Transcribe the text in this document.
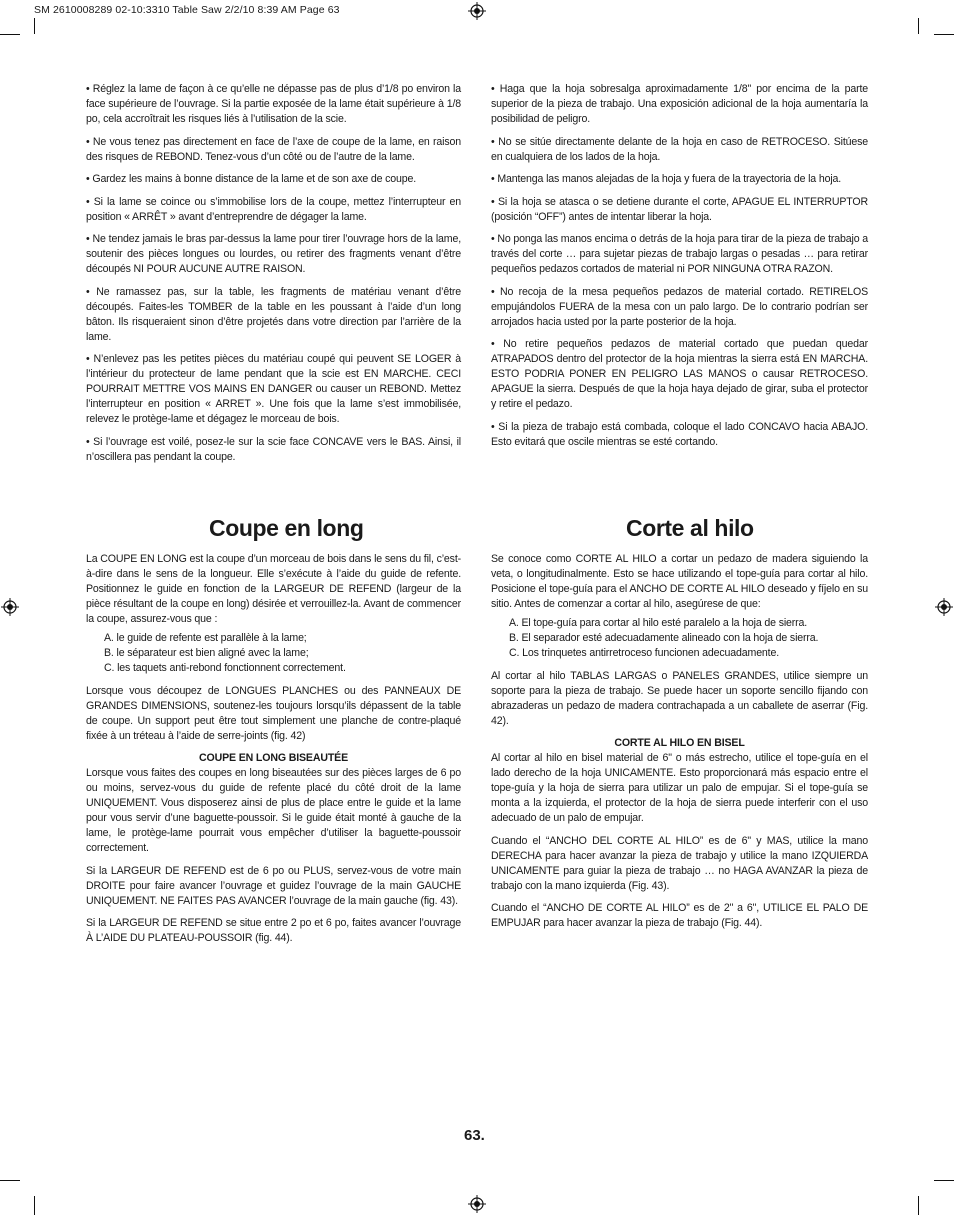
SM 2610008289 02-10:3310 Table Saw 2/2/10 8:39 AM Page 63

• Réglez la lame de façon à ce qu’elle ne dépasse pas de plus d’1/8 po environ la face supérieure de l’ouvrage. Si la partie exposée de la lame était supérieure à 1/8 po, cela accroîtrait les risques liés à l’utilisation de la scie.

• Ne vous tenez pas directement en face de l’axe de coupe de la lame, en raison des risques de REBOND. Tenez-vous d’un côté ou de l’autre de la lame.

• Gardez les mains à bonne distance de la lame et de son axe de coupe.

• Si la lame se coince ou s’immobilise lors de la coupe, mettez l’interrupteur en position « ARRÊT » avant d’entreprendre de dégager la lame.

• Ne tendez jamais le bras par-dessus la lame pour tirer l’ouvrage hors de la lame, soutenir des pièces longues ou lourdes, ou retirer des fragments venant d’être découpés NI POUR AUCUNE AUTRE RAISON.

• Ne ramassez pas, sur la table, les fragments de matériau venant d’être découpés. Faites-les TOMBER de la table en les poussant à l’aide d’un long bâton. Ils risqueraient sinon d’être projetés dans votre direction par l’arrière de la lame.

• N’enlevez pas les petites pièces du matériau coupé qui peuvent SE LOGER à l’intérieur du protecteur de lame pendant que la scie est EN MARCHE. CECI POURRAIT METTRE VOS MAINS EN DANGER ou causer un REBOND. Mettez l’interrupteur en position « ARRET ». Une fois que la lame s’est immobilisée, relevez le protège-lame et dégagez le morceau de bois.

• Si l’ouvrage est voilé, posez-le sur la scie face CONCAVE vers le BAS. Ainsi, il n’oscillera pas pendant la coupe.

• Haga que la hoja sobresalga aproximadamente 1/8" por encima de la parte superior de la pieza de trabajo. Una exposición adicional de la hoja aumentaría la posibilidad de peligro.

• No se sitúe directamente delante de la hoja en caso de RETROCESO. Sitúese en cualquiera de los lados de la hoja.

• Mantenga las manos alejadas de la hoja y fuera de la trayectoria de la hoja.

• Si la hoja se atasca o se detiene durante el corte, APAGUE EL INTERRUPTOR (posición “OFF”) antes de intentar liberar la hoja.

• No ponga las manos encima o detrás de la hoja para tirar de la pieza de trabajo a través del corte … para sujetar piezas de trabajo largas o pesadas … para retirar pequeños pedazos cortados de material ni POR NINGUNA OTRA RAZON.

• No recoja de la mesa pequeños pedazos de material cortado. RETIRELOS empujándolos FUERA de la mesa con un palo largo. De lo contrario podrían ser arrojados hacia usted por la parte posterior de la hoja.

• No retire pequeños pedazos de material cortado que puedan quedar ATRAPADOS dentro del protector de la hoja mientras la sierra está EN MARCHA. ESTO PODRIA PONER EN PELIGRO LAS MANOS o causar RETROCESO. APAGUE la sierra. Después de que la hoja haya dejado de girar, suba el protector y retire el pedazo.

• Si la pieza de trabajo está combada, coloque el lado CONCAVO hacia ABAJO. Esto evitará que oscile mientras se esté cortando.

Coupe en long	Corte al hilo

La COUPE EN LONG est la coupe d’un morceau de bois dans le sens du fil, c’est-à-dire dans le sens de la longueur. Elle s’exécute à l’aide du guide de refente. Positionnez le guide en fonction de la LARGEUR DE REFEND (largeur de la pièce résultant de la coupe en long) désirée et verrouillez-la. Avant de commencer la coupe, assurez-vous que :

A. le guide de refente est parallèle à la lame;

B. le séparateur est bien aligné avec la lame;

C. les taquets anti-rebond fonctionnent correctement.

Lorsque vous découpez de LONGUES PLANCHES ou des PANNEAUX DE GRANDES DIMENSIONS, soutenez-les toujours lorsqu’ils dépassent de la table de coupe. Un support peut être tout simplement une planche de contre-plaqué fixée à un tréteau à l’aide de serre-joints (fig. 42)

COUPE EN LONG BISEAUTÉE

Lorsque vous faites des coupes en long biseautées sur des pièces larges de 6 po ou moins, servez-vous du guide de refente placé du côté droit de la lame UNIQUEMENT. Vous disposerez ainsi de plus de place entre le guide et la lame pour vous servir d’une baguette-poussoir. Si le guide était monté à gauche de la lame, le protège-lame pourrait vous empêcher d’utiliser la baguette-poussoir correctement.

Si la LARGEUR DE REFEND est de 6 po ou PLUS, servez-vous de votre main DROITE pour faire avancer l’ouvrage et guidez l’ouvrage de la main GAUCHE UNIQUEMENT. NE FAITES PAS AVANCER l’ouvrage de la main gauche (fig. 43).

Si la LARGEUR DE REFEND se situe entre 2 po et 6 po, faites avancer l’ouvrage À L’AIDE DU PLATEAU-POUSSOIR (fig. 44).

Se conoce como CORTE AL HILO a cortar un pedazo de madera siguiendo la veta, o longitudinalmente. Esto se hace utilizando el tope-guía para cortar al hilo. Posicione el tope-guía para el ANCHO DE CORTE AL HILO deseado y fíjelo en su sitio. Antes de comenzar a cortar al hilo, asegúrese de que:

A. El tope-guía para cortar al hilo esté paralelo a la hoja de sierra.

B. El separador esté adecuadamente alineado con la hoja de sierra.

C. Los trinquetes antirretroceso funcionen adecuadamente.

Al cortar al hilo TABLAS LARGAS o PANELES GRANDES, utilice siempre un soporte para la pieza de trabajo. Se puede hacer un soporte sencillo fijando con abrazaderas un pedazo de madera contrachapada a un caballete de aserrar (Fig. 42).

CORTE AL HILO EN BISEL

Al cortar al hilo en bisel material de 6" o más estrecho, utilice el tope-guía en el lado derecho de la hoja UNICAMENTE. Esto proporcionará más espacio entre el tope-guía y la hoja de sierra para utilizar un palo de empujar. Si el tope-guía se monta a la izquierda, el protector de la hoja de sierra puede interferir con el uso adecuado de un palo de empujar.

Cuando el “ANCHO DEL CORTE AL HILO” es de 6" y MAS, utilice la mano DERECHA para hacer avanzar la pieza de trabajo y utilice la mano IZQUIERDA UNICAMENTE para guiar la pieza de trabajo … no HAGA AVANZAR la pieza de trabajo con la mano izquierda (Fig. 43).

Cuando el “ANCHO DE CORTE AL HILO” es de 2" a 6", UTILICE EL PALO DE EMPUJAR para hacer avanzar la pieza de trabajo (Fig. 44).

63.
